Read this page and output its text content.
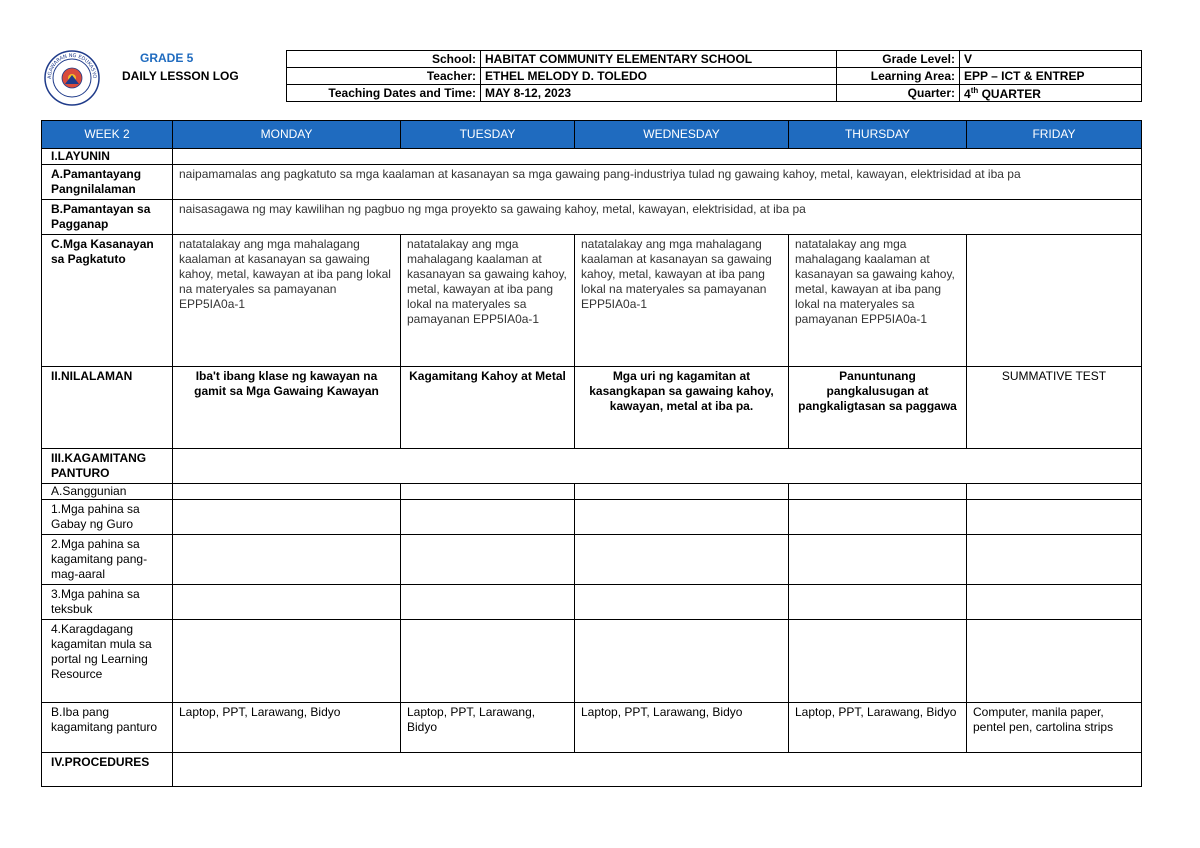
AGAWARAN NG EDUKASYO
GRADE 5
DAILY LESSON LOG
School:	HABITAT COMMUNITY ELEMENTARY SCHOOL	Grade Level:	V
Teacher:	ETHEL MELODY D. TOLEDO	Learning Area:	EPP – ICT & ENTREP
Teaching Dates and Time:	MAY 8-12, 2023	Quarter:	4th QUARTER
WEEK 2	MONDAY	TUESDAY	WEDNESDAY	THURSDAY	FRIDAY
I.LAYUNIN					
A.Pamantayang Pangnilalaman	naipamamalas ang pagkatuto sa mga kaalaman at kasanayan sa mga gawaing pang-industriya tulad ng gawaing kahoy, metal, kawayan, elektrisidad at iba pa				
B.Pamantayan sa Pagganap	naisasagawa ng may kawilihan ng pagbuo ng mga proyekto sa gawaing kahoy, metal, kawayan, elektrisidad, at iba pa				
C.Mga Kasanayan sa Pagkatuto	natatalakay ang mga mahalagang kaalaman at kasanayan sa gawaing kahoy, metal, kawayan at iba pang lokal na materyales sa pamayanan EPP5IA0a-1	natatalakay ang mga mahalagang kaalaman at kasanayan sa gawaing kahoy, metal, kawayan at iba pang lokal na materyales sa pamayanan EPP5IA0a-1	natatalakay ang mga mahalagang kaalaman at kasanayan sa gawaing kahoy, metal, kawayan at iba pang lokal na materyales sa pamayanan EPP5IA0a-1	natatalakay ang mga mahalagang kaalaman at kasanayan sa gawaing kahoy, metal, kawayan at iba pang lokal na materyales sa pamayanan EPP5IA0a-1	
II.NILALAMAN	Iba't ibang klase ng kawayan na gamit sa Mga Gawaing Kawayan	Kagamitang Kahoy at Metal	Mga uri ng kagamitan at kasangkapan sa gawaing kahoy, kawayan, metal at iba pa.	Panuntunang pangkalusugan at pangkaligtasan sa paggawa	SUMMATIVE TEST
III.KAGAMITANG PANTURO					
A.Sanggunian					
1.Mga pahina sa Gabay ng Guro					
2.Mga pahina sa kagamitang pang-mag-aaral					
3.Mga pahina sa teksbuk					
4.Karagdagang kagamitan mula sa portal ng Learning Resource					
B.Iba pang kagamitang panturo	Laptop, PPT, Larawang, Bidyo	Laptop, PPT, Larawang, Bidyo	Laptop, PPT, Larawang, Bidyo	Laptop, PPT, Larawang, Bidyo	Computer, manila paper, pentel pen, cartolina strips
IV.PROCEDURES					
